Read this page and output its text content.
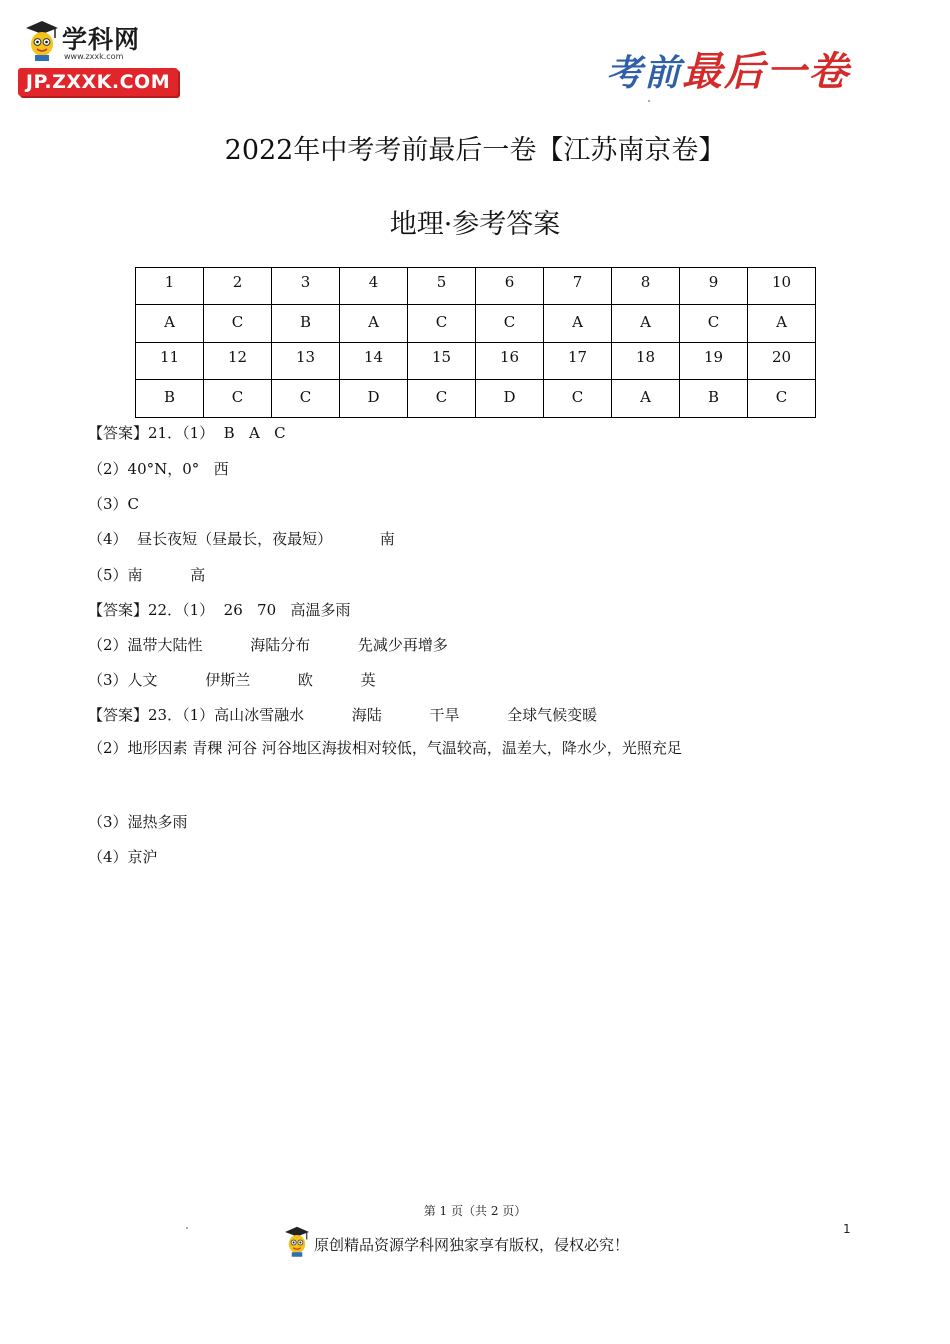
学科网
www.zxxk.com
JP.ZXXK.COM	考前最后一卷
2022年中考考前最后一卷【江苏南京卷】
地理·参考答案
1	2	3	4	5	6	7	8	9	10
A	C	B	A	C	C	A	A	C	A
11	12	13	14	15	16	17	18	19	20
B	C	C	D	C	D	C	A	B	C
【答案】21．（1）  B   A   C
（2）40°N，0°   西
（3）C
（4）  昼长夜短（昼最长，夜最短）          南
（5）南          高
【答案】22．（1）  26   70   高温多雨
（2）温带大陆性          海陆分布          先减少再增多
（3）人文          伊斯兰          欧          英
【答案】23．（1）高山冰雪融水          海陆          干旱          全球气候变暖
（2）地形因素 青稞 河谷 河谷地区海拔相对较低，气温较高，温差大，降水少，光照充足
（3）湿热多雨
（4）京沪
第 1 页（共 2 页）
1
原创精品资源学科网独家享有版权，侵权必究！
